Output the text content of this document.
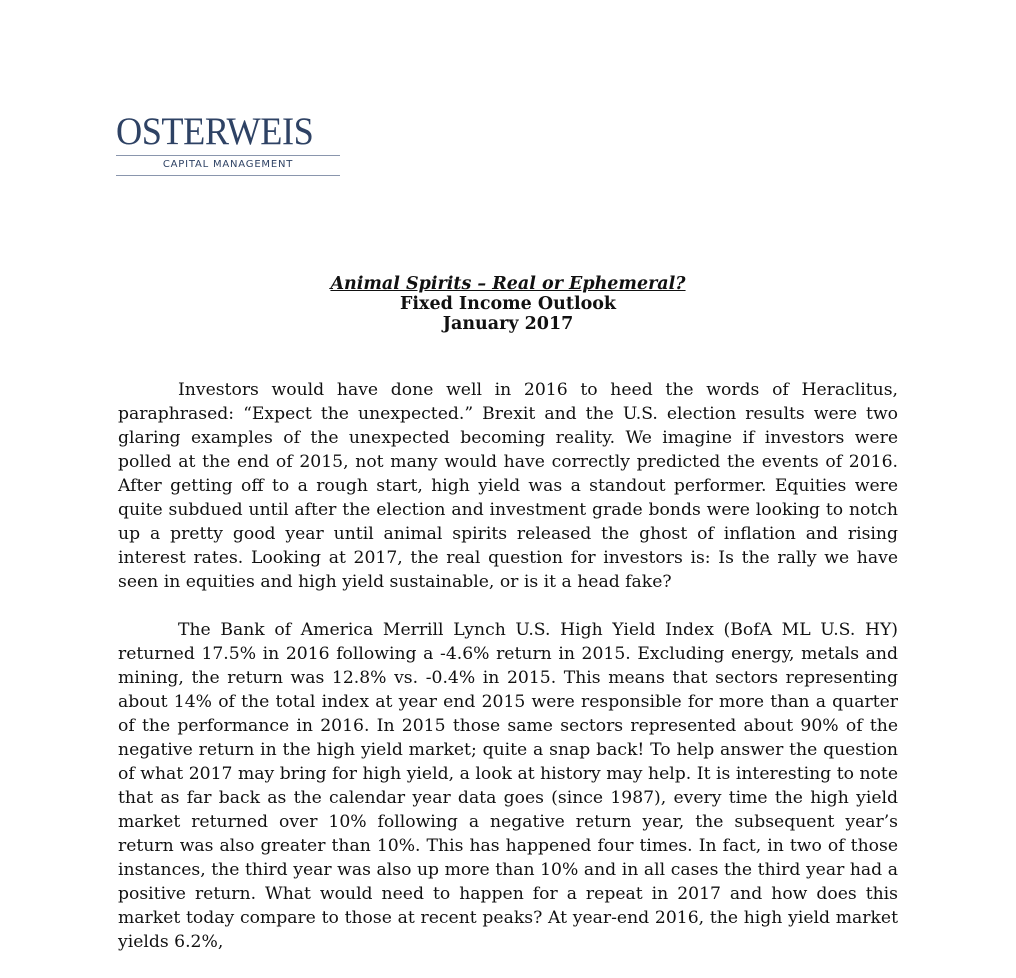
OSTERWEIS
CAPITAL MANAGEMENT
Animal Spirits – Real or Ephemeral?
Fixed Income Outlook
January 2017

Investors would have done well in 2016 to heed the words of Heraclitus, paraphrased: “Expect the unexpected.” Brexit and the U.S. election results were two glaring examples of the unexpected becoming reality. We imagine if investors were polled at the end of 2015, not many would have correctly predicted the events of 2016. After getting off to a rough start, high yield was a standout performer. Equities were quite subdued until after the election and investment grade bonds were looking to notch up a pretty good year until animal spirits released the ghost of inflation and rising interest rates. Looking at 2017, the real question for investors is: Is the rally we have seen in equities and high yield sustainable, or is it a head fake?

The Bank of America Merrill Lynch U.S. High Yield Index (BofA ML U.S. HY) returned 17.5% in 2016 following a -4.6% return in 2015. Excluding energy, metals and mining, the return was 12.8% vs. -0.4% in 2015. This means that sectors representing about 14% of the total index at year end 2015 were responsible for more than a quarter of the performance in 2016. In 2015 those same sectors represented about 90% of the negative return in the high yield market; quite a snap back! To help answer the question of what 2017 may bring for high yield, a look at history may help. It is interesting to note that as far back as the calendar year data goes (since 1987), every time the high yield market returned over 10% following a negative return year, the subsequent year’s return was also greater than 10%. This has happened four times. In fact, in two of those instances, the third year was also up more than 10% and in all cases the third year had a positive return. What would need to happen for a repeat in 2017 and how does this market today compare to those at recent peaks? At year-end 2016, the high yield market yields 6.2%,
